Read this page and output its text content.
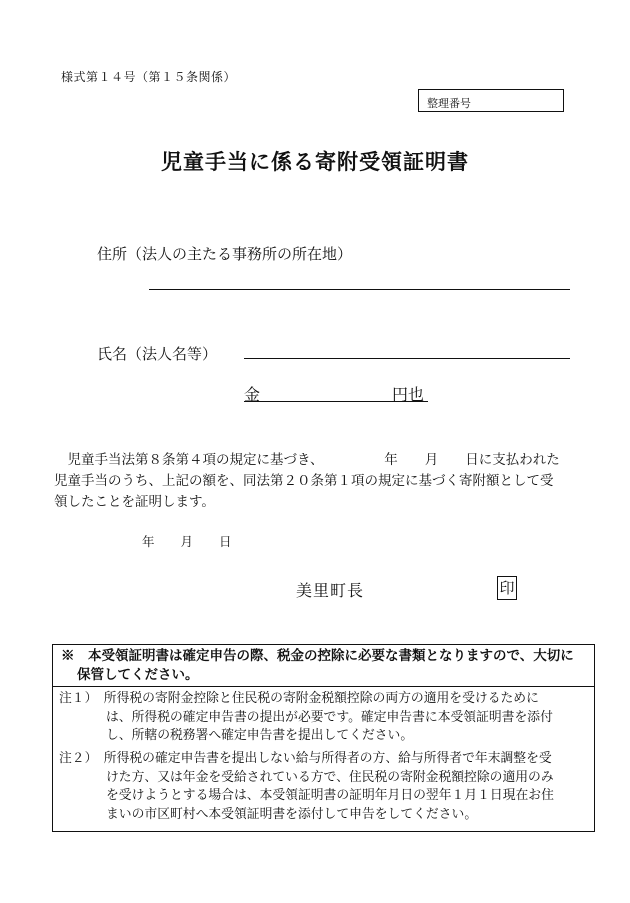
様式第１４号（第１５条関係）
整理番号
児童手当に係る寄附受領証明書
住所（法人の主たる事務所の所在地）
氏名（法人名等）
金	円也
　児童手当法第８条第４項の規定に基づき、　　　　　年　　月　　日に支払われた
児童手当のうち、上記の額を、同法第２０条第１項の規定に基づく寄附額として受
領したことを証明します。
年 月 日
美里町長	印
※　本受領証明書は確定申告の際、税金の控除に必要な書類となりますので、大切に
保管してください。
注１）　所得税の寄附金控除と住民税の寄附金税額控除の両方の適用を受けるために
は、所得税の確定申告書の提出が必要です。確定申告書に本受領証明書を添付
し、所轄の税務署へ確定申告書を提出してください。
注２）　所得税の確定申告書を提出しない給与所得者の方、給与所得者で年末調整を受
けた方、又は年金を受給されている方で、住民税の寄附金税額控除の適用のみ
を受けようとする場合は、本受領証明書の証明年月日の翌年１月１日現在お住
まいの市区町村へ本受領証明書を添付して申告をしてください。
